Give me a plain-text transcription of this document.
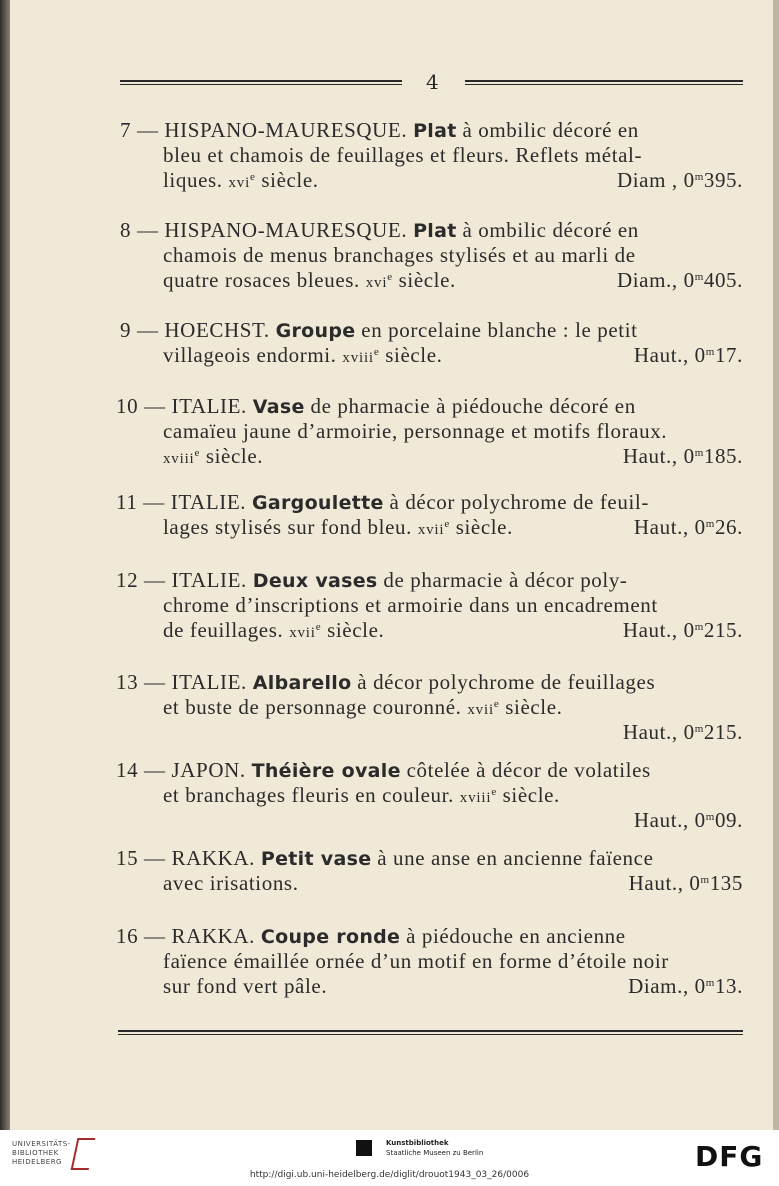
4
7 — HISPANO-MAURESQUE. Plat à ombilic décoré en
bleu et chamois de feuillages et fleurs. Reflets métal-
liques. xvi$^e$ siècle.	Diam , 0$^m$395.
8 — HISPANO-MAURESQUE. Plat à ombilic décoré en
chamois de menus branchages stylisés et au marli de
quatre rosaces bleues. xvi$^e$ siècle.	Diam., 0$^m$405.
9 — HOECHST. Groupe en porcelaine blanche : le petit
villageois endormi. xviii$^e$ siècle.	Haut., 0$^m$17.
10 — ITALIE. Vase de pharmacie à piédouche décoré en
camaïeu jaune d’armoirie, personnage et motifs floraux.
xviii$^e$ siècle.	Haut., 0$^m$185.
11 — ITALIE. Gargoulette à décor polychrome de feuil-
lages stylisés sur fond bleu. xvii$^e$ siècle.	Haut., 0$^m$26.
12 — ITALIE. Deux vases de pharmacie à décor poly-
chrome d’inscriptions et armoirie dans un encadrement
de feuillages. xvii$^e$ siècle.	Haut., 0$^m$215.
13 — ITALIE. Albarello à décor polychrome de feuillages
et buste de personnage couronné. xvii$^e$ siècle.
Haut., 0$^m$215.
14 — JAPON. Théière ovale côtelée à décor de volatiles
et branchages fleuris en couleur. xviii$^e$ siècle.
Haut., 0$^m$09.
15 — RAKKA. Petit vase à une anse en ancienne faïence
avec irisations.	Haut., 0$^m$135
16 — RAKKA. Coupe ronde à piédouche en ancienne
faïence émaillée ornée d’un motif en forme d’étoile noir
sur fond vert pâle.	Diam., 0$^m$13.
UNIVERSITÄTS-
BIBLIOTHEK
HEIDELBERG
Kunstbibliothek
Staatliche Museen zu Berlin	DFG
http://digi.ub.uni-heidelberg.de/diglit/drouot1943_03_26/0006
